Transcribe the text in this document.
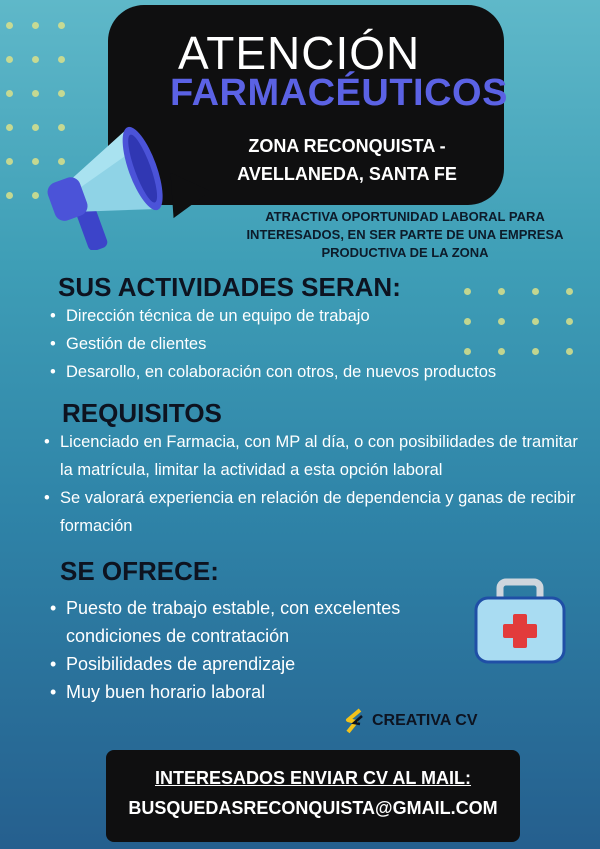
ATENCIÓN
FARMACÉUTICOS
ZONA RECONQUISTA -
AVELLANEDA, SANTA FE
ATRACTIVA OPORTUNIDAD LABORAL PARA
INTERESADOS, EN SER PARTE DE UNA EMPRESA
PRODUCTIVA DE LA ZONA
SUS ACTIVIDADES SERAN:
• Dirección técnica de un equipo de trabajo
• Gestión de clientes
• Desarollo, en colaboración con otros, de nuevos productos
REQUISITOS
• Licenciado en Farmacia, con MP al día, o con posibilidades de tramitar la matrícula, limitar la actividad a esta opción laboral
• Se valorará experiencia en relación de dependencia y ganas de recibir formación
SE OFRECE:
• Puesto de trabajo estable, con excelentes condiciones de contratación
• Posibilidades de aprendizaje
• Muy buen horario laboral
CREATIVA CV
INTERESADOS ENVIAR CV AL MAIL:
BUSQUEDASRECONQUISTA@GMAIL.COM
